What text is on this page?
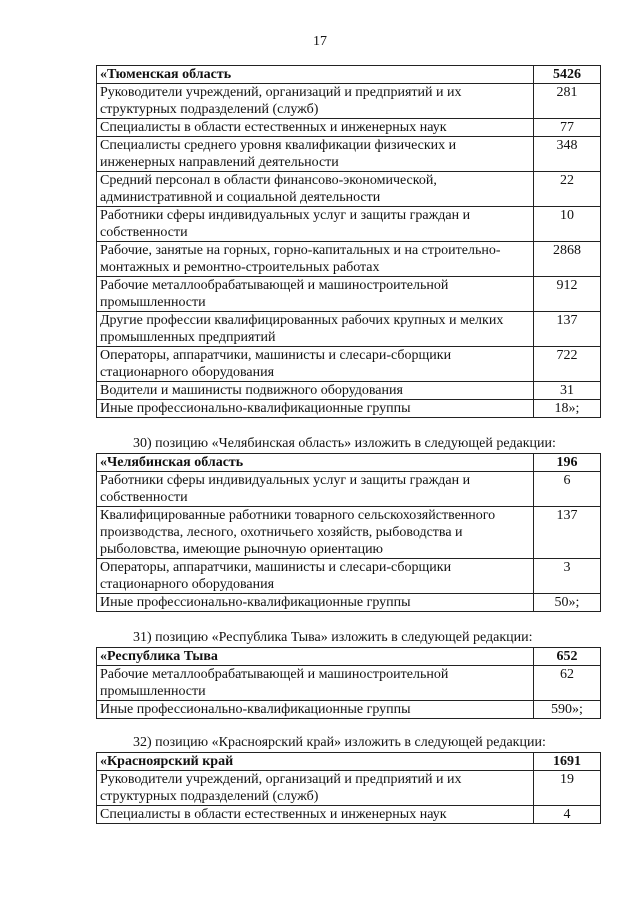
17
«Тюменская область	5426
Руководители учреждений, организаций и предприятий и их структурных подразделений (служб)	281
Специалисты в области естественных и инженерных наук	77
Специалисты среднего уровня квалификации физических и инженерных направлений деятельности	348
Средний персонал в области финансово-экономической, административной и социальной деятельности	22
Работники сферы индивидуальных услуг и защиты граждан и собственности	10
Рабочие, занятые на горных, горно-капитальных и на строительно-монтажных и ремонтно-строительных работах	2868
Рабочие металлообрабатывающей и машиностроительной промышленности	912
Другие профессии квалифицированных рабочих крупных и мелких промышленных предприятий	137
Операторы, аппаратчики, машинисты и слесари-сборщики стационарного оборудования	722
Водители и машинисты подвижного оборудования	31
Иные профессионально-квалификационные группы	18»;
30) позицию «Челябинская область» изложить в следующей редакции:
«Челябинская область	196
Работники сферы индивидуальных услуг и защиты граждан и собственности	6
Квалифицированные работники товарного сельскохозяйственного производства, лесного, охотничьего хозяйств, рыбоводства и рыболовства, имеющие рыночную ориентацию	137
Операторы, аппаратчики, машинисты и слесари-сборщики стационарного оборудования	3
Иные профессионально-квалификационные группы	50»;
31) позицию «Республика Тыва» изложить в следующей редакции:
«Республика Тыва	652
Рабочие металлообрабатывающей и машиностроительной промышленности	62
Иные профессионально-квалификационные группы	590»;
32) позицию «Красноярский край» изложить в следующей редакции:
«Красноярский край	1691
Руководители учреждений, организаций и предприятий и их структурных подразделений (служб)	19
Специалисты в области естественных и инженерных наук	4
